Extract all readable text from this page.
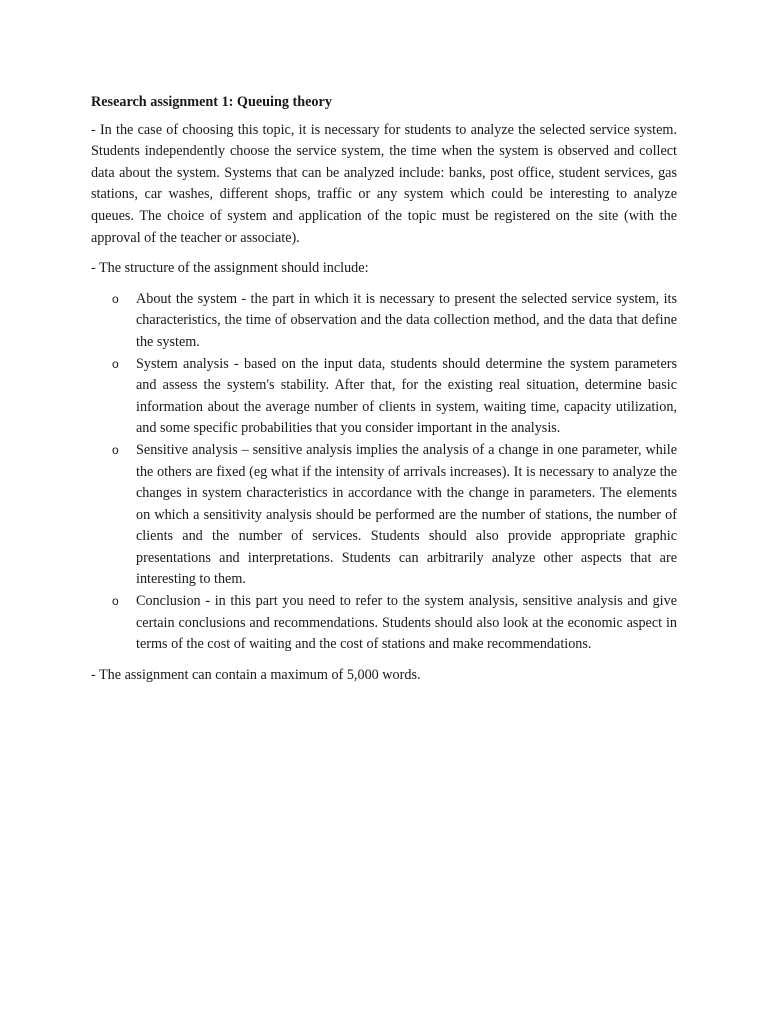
Research assignment 1: Queuing theory

- In the case of choosing this topic, it is necessary for students to analyze the selected service system. Students independently choose the service system, the time when the system is observed and collect data about the system. Systems that can be analyzed include: banks, post office, student services, gas stations, car washes, different shops, traffic or any system which could be interesting to analyze queues. The choice of system and application of the topic must be registered on the site (with the approval of the teacher or associate).

- The structure of the assignment should include:

o About the system - the part in which it is necessary to present the selected service system, its characteristics, the time of observation and the data collection method, and the data that define the system.
o System analysis - based on the input data, students should determine the system parameters and assess the system's stability. After that, for the existing real situation, determine basic information about the average number of clients in system, waiting time, capacity utilization, and some specific probabilities that you consider important in the analysis.
o Sensitive analysis – sensitive analysis implies the analysis of a change in one parameter, while the others are fixed (eg what if the intensity of arrivals increases). It is necessary to analyze the changes in system characteristics in accordance with the change in parameters. The elements on which a sensitivity analysis should be performed are the number of stations, the number of clients and the number of services. Students should also provide appropriate graphic presentations and interpretations. Students can arbitrarily analyze other aspects that are interesting to them.
o Conclusion - in this part you need to refer to the system analysis, sensitive analysis and give certain conclusions and recommendations. Students should also look at the economic aspect in terms of the cost of waiting and the cost of stations and make recommendations.

- The assignment can contain a maximum of 5,000 words.
